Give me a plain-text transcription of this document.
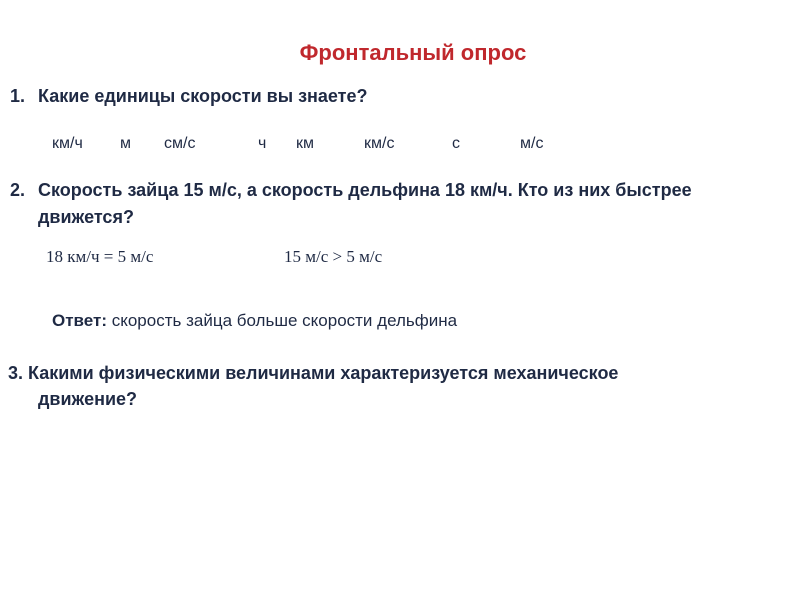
Фронтальный опрос
1. Какие единицы скорости вы знаете?
км/ч м см/с	ч км	км/с	с	м/с
2. Скорость зайца 15 м/с, а скорость дельфина 18 км/ч. Кто из них быстрее
движется?
18 км/ч = 5 м/с	15 м/с > 5 м/с
Ответ: скорость зайца больше скорости дельфина
3. Какими физическими величинами характеризуется механическое
движение?
